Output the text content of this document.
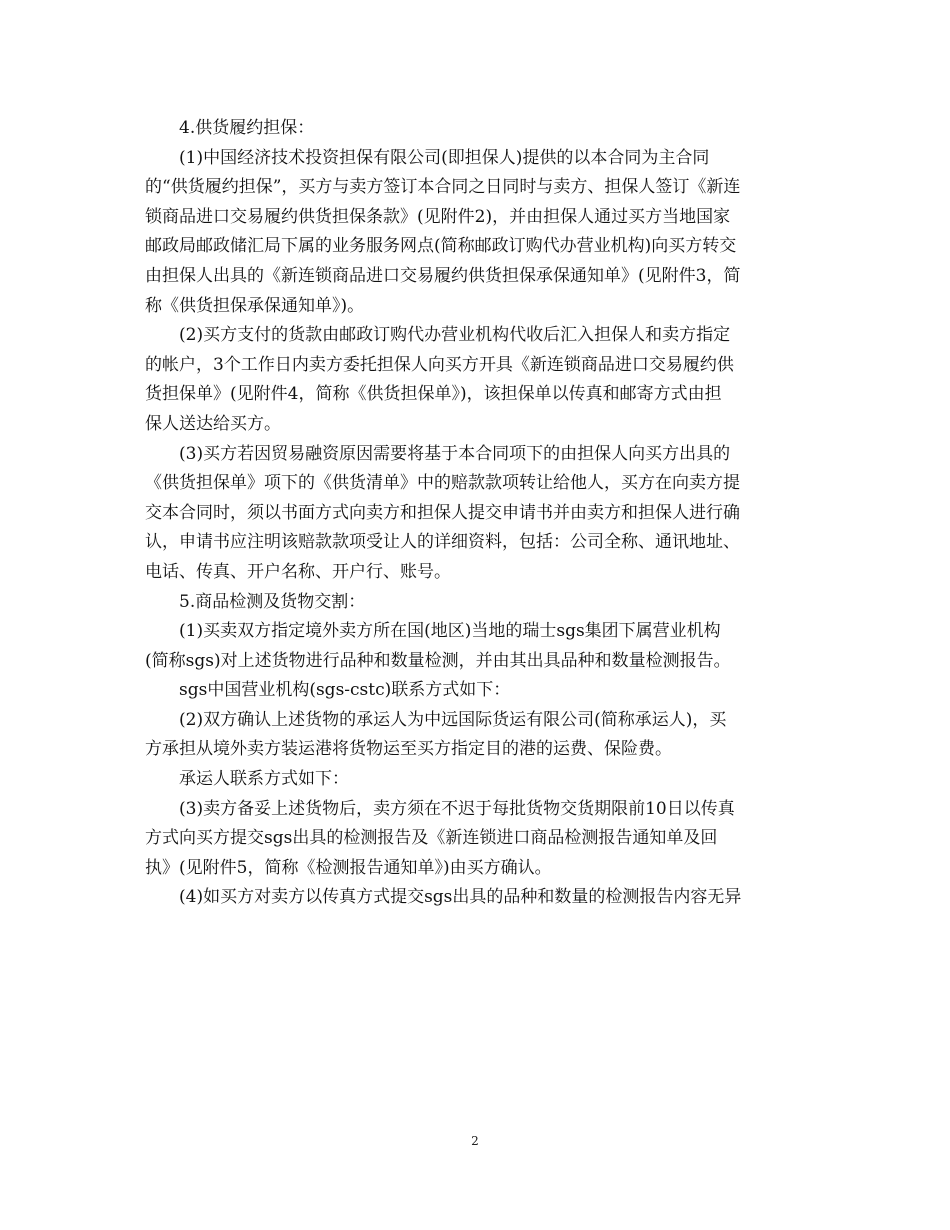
　　4.供货履约担保：

　　(1)中国经济技术投资担保有限公司(即担保人)提供的以本合同为主合同
的“供货履约担保”，买方与卖方签订本合同之日同时与卖方、担保人签订《新连
锁商品进口交易履约供货担保条款》(见附件2)，并由担保人通过买方当地国家
邮政局邮政储汇局下属的业务服务网点(简称邮政订购代办营业机构)向买方转交
由担保人出具的《新连锁商品进口交易履约供货担保承保通知单》(见附件3，简
称《供货担保承保通知单》)。

　　(2)买方支付的货款由邮政订购代办营业机构代收后汇入担保人和卖方指定
的帐户，3个工作日内卖方委托担保人向买方开具《新连锁商品进口交易履约供
货担保单》(见附件4，简称《供货担保单》)，该担保单以传真和邮寄方式由担
保人送达给买方。

　　(3)买方若因贸易融资原因需要将基于本合同项下的由担保人向买方出具的
《供货担保单》项下的《供货清单》中的赔款款项转让给他人，买方在向卖方提
交本合同时，须以书面方式向卖方和担保人提交申请书并由卖方和担保人进行确
认，申请书应注明该赔款款项受让人的详细资料，包括：公司全称、通讯地址、
电话、传真、开户名称、开户行、账号。

　　5.商品检测及货物交割：

　　(1)买卖双方指定境外卖方所在国(地区)当地的瑞士sgs集团下属营业机构
(简称sgs)对上述货物进行品种和数量检测，并由其出具品种和数量检测报告。

　　sgs中国营业机构(sgs-cstc)联系方式如下：

　　(2)双方确认上述货物的承运人为中远国际货运有限公司(简称承运人)，买
方承担从境外卖方装运港将货物运至买方指定目的港的运费、保险费。

　　承运人联系方式如下：

　　(3)卖方备妥上述货物后，卖方须在不迟于每批货物交货期限前10日以传真
方式向买方提交sgs出具的检测报告及《新连锁进口商品检测报告通知单及回
执》(见附件5，简称《检测报告通知单》)由买方确认。

　　(4)如买方对卖方以传真方式提交sgs出具的品种和数量的检测报告内容无异

2
